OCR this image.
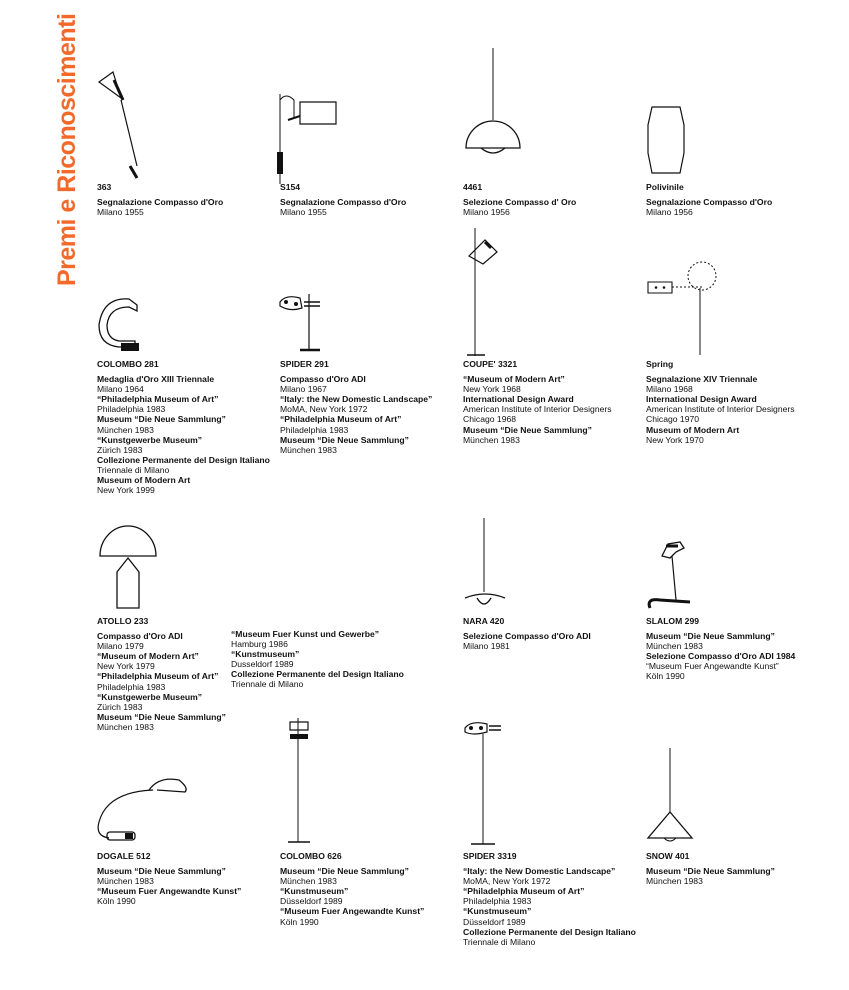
Premi e Riconoscimenti 363
Segnalazione Compasso d'Oro
Milano 1955
S154
Segnalazione Compasso d'Oro
Milano 1955
4461
Selezione Compasso d' Oro
Milano 1956
Polivinile
Segnalazione Compasso d'Oro
Milano 1956
COLOMBO 281
Medaglia d'Oro XIII Triennale
Milano 1964
“Philadelphia Museum of Art”
Philadelphia 1983
Museum “Die Neue Sammlung”
München 1983
“Kunstgewerbe Museum”
Zürich 1983
Collezione Permanente del Design Italiano
Triennale di Milano
Museum of Modern Art
New York 1999
SPIDER 291
Compasso d'Oro ADI
Milano 1967
“Italy: the New Domestic Landscape”
MoMA, New York 1972
“Philadelphia Museum of Art”
Philadelphia 1983
Museum “Die Neue Sammlung”
München 1983
COUPE' 3321
“Museum of Modern Art”
New York 1968
International Design Award
American Institute of Interior Designers
Chicago 1968
Museum “Die Neue Sammlung”
München 1983
Spring
Segnalazione XIV Triennale
Milano 1968
International Design Award
American Institute of Interior Designers
Chicago 1970
Museum of Modern Art
New York 1970
ATOLLO 233
Compasso d'Oro ADI
Milano 1979
“Museum of Modern Art”
New York 1979
“Philadelphia Museum of Art”
Philadelphia 1983
“Kunstgewerbe Museum”
Zürich 1983
Museum “Die Neue Sammlung”
München 1983
“Museum Fuer Kunst und Gewerbe”
Hamburg 1986
“Kunstmuseum”
Dusseldorf 1989
Collezione Permanente del Design Italiano
Triennale di Milano
NARA 420
Selezione Compasso d'Oro ADI
Milano 1981
SLALOM 299
Museum “Die Neue Sammlung”
München 1983
Selezione Compasso d'Oro ADI 1984
“Museum Fuer Angewandte Kunst”
Köln 1990
DOGALE 512
Museum “Die Neue Sammlung”
München 1983
“Museum Fuer Angewandte Kunst”
Köln 1990
COLOMBO 626
Museum “Die Neue Sammlung”
München 1983
“Kunstmuseum”
Düsseldorf 1989
“Museum Fuer Angewandte Kunst”
Köln 1990
SPIDER 3319
“Italy: the New Domestic Landscape”
MoMA, New York 1972
“Philadelphia Museum of Art”
Philadelphia 1983
“Kunstmuseum”
Düsseldorf 1989
Collezione Permanente del Design Italiano
Triennale di Milano
SNOW 401
Museum “Die Neue Sammlung”
München 1983
